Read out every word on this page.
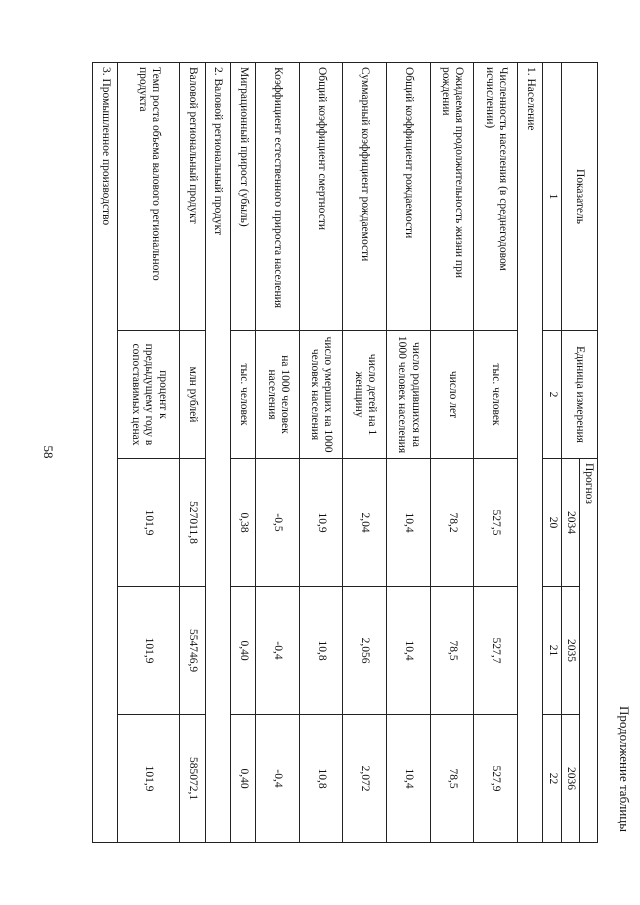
58
Продолжение таблицы
Показатель	Единица измерения	Прогноз		
		2034	2035	2036
1	2	20	21	22
1. Население				
Численность населения (в среднегодовом исчислении)	тыс. человек	527,5	527,7	527,9
Ожидаемая продолжительность жизни при рождении	число лет	78,2	78,5	78,5
Общий коэффициент рождаемости	число родившихся на 1000 человек населения	10,4	10,4	10,4
Суммарный коэффициент рождаемости	число детей на 1 женщину	2,04	2,056	2,072
Общий коэффициент смертности	число умерших на 1000 человек населения	10,9	10,8	10,8
Коэффициент естественного прироста населения	на 1000 человек населения	-0,5	-0,4	-0,4
Миграционный прирост (убыль)	тыс. человек	0,38	0,40	0,40
2. Валовой региональный продукт				
Валовой региональный продукт	млн рублей	527011,8	554746,9	585072,1
Темп роста объема валового регионального продукта	процент к предыдущему году в сопоставимых ценах	101,9	101,9	101,9
3. Промышленное производство				
